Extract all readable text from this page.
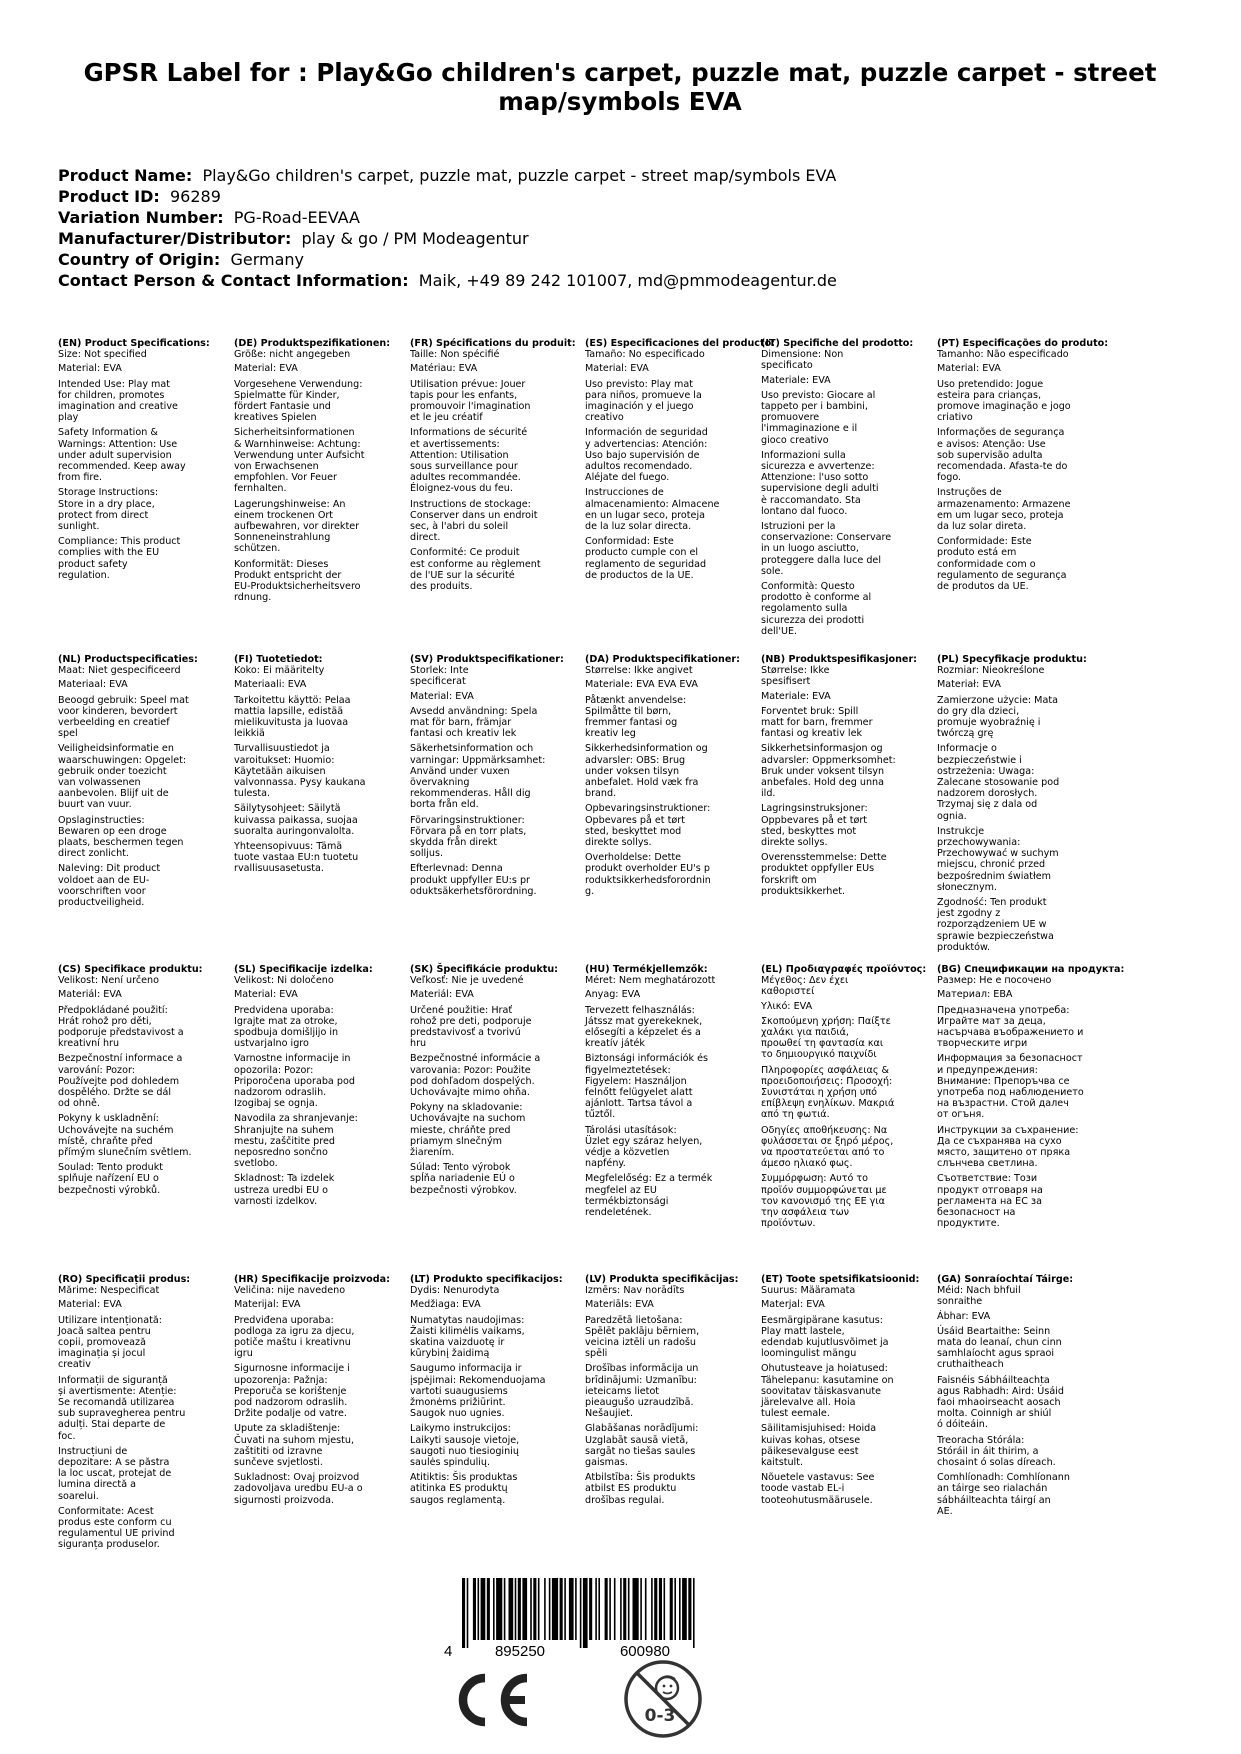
GPSR Label for : Play&Go children's carpet, puzzle mat, puzzle carpet - street map/symbols EVA
Product Name: Play&Go children's carpet, puzzle mat, puzzle carpet - street map/symbols EVA
Product ID: 96289
Variation Number: PG-Road-EEVAA
Manufacturer/Distributor: play & go / PM Modeagentur
Country of Origin: Germany
Contact Person & Contact Information: Maik, +49 89 242 101007, md@pmmodeagentur.de
(EN) Product Specifications:

Size: Not specified

Material: EVA

Intended Use: Play mat
for children, promotes
imagination and creative
play

Safety Information &
Warnings: Attention: Use
under adult supervision
recommended. Keep away
from fire.

Storage Instructions:
Store in a dry place,
protect from direct
sunlight.

Compliance: This product
complies with the EU
product safety
regulation.

(DE) Produktspezifikationen:

Größe: nicht angegeben

Material: EVA

Vorgesehene Verwendung:
Spielmatte für Kinder,
fördert Fantasie und
kreatives Spielen

Sicherheitsinformationen
& Warnhinweise: Achtung:
Verwendung unter Aufsicht
von Erwachsenen
empfohlen. Vor Feuer
fernhalten.

Lagerungshinweise: An
einem trockenen Ort
aufbewahren, vor direkter
Sonneneinstrahlung
schützen.

Konformität: Dieses
Produkt entspricht der
EU-Produktsicherheitsvero
rdnung.

(FR) Spécifications du produit:

Taille: Non spécifié

Matériau: EVA

Utilisation prévue: Jouer
tapis pour les enfants,
promouvoir l'imagination
et le jeu créatif

Informations de sécurité
et avertissements:
Attention: Utilisation
sous surveillance pour
adultes recommandée.
Éloignez-vous du feu.

Instructions de stockage:
Conserver dans un endroit
sec, à l'abri du soleil
direct.

Conformité: Ce produit
est conforme au règlement
de l'UE sur la sécurité
des produits.

(ES) Especificaciones del producto:

Tamaño: No especificado

Material: EVA

Uso previsto: Play mat
para niños, promueve la
imaginación y el juego
creativo

Información de seguridad
y advertencias: Atención:
Uso bajo supervisión de
adultos recomendado.
Aléjate del fuego.

Instrucciones de
almacenamiento: Almacene
en un lugar seco, proteja
de la luz solar directa.

Conformidad: Este
producto cumple con el
reglamento de seguridad
de productos de la UE.

(IT) Specifiche del prodotto:

Dimensione: Non
specificato

Materiale: EVA

Uso previsto: Giocare al
tappeto per i bambini,
promuovere
l'immaginazione e il
gioco creativo

Informazioni sulla
sicurezza e avvertenze:
Attenzione: l'uso sotto
supervisione degli adulti
è raccomandato. Sta
lontano dal fuoco.

Istruzioni per la
conservazione: Conservare
in un luogo asciutto,
proteggere dalla luce del
sole.

Conformità: Questo
prodotto è conforme al
regolamento sulla
sicurezza dei prodotti
dell'UE.

(PT) Especificações do produto:

Tamanho: Não especificado

Material: EVA

Uso pretendido: Jogue
esteira para crianças,
promove imaginação e jogo
criativo

Informações de segurança
e avisos: Atenção: Use
sob supervisão adulta
recomendada. Afasta-te do
fogo.

Instruções de
armazenamento: Armazene
em um lugar seco, proteja
da luz solar direta.

Conformidade: Este
produto está em
conformidade com o
regulamento de segurança
de produtos da UE.

(NL) Productspecificaties:

Maat: Niet gespecificeerd

Materiaal: EVA

Beoogd gebruik: Speel mat
voor kinderen, bevordert
verbeelding en creatief
spel

Veiligheidsinformatie en
waarschuwingen: Opgelet:
gebruik onder toezicht
van volwassenen
aanbevolen. Blijf uit de
buurt van vuur.

Opslaginstructies:
Bewaren op een droge
plaats, beschermen tegen
direct zonlicht.

Naleving: Dit product
voldoet aan de EU-
voorschriften voor
productveiligheid.

(FI) Tuotetiedot:

Koko: Ei määritelty

Materiaali: EVA

Tarkoitettu käyttö: Pelaa
mattia lapsille, edistää
mielikuvitusta ja luovaa
leikkiä

Turvallisuustiedot ja
varoitukset: Huomio:
Käytetään aikuisen
valvonnassa. Pysy kaukana
tulesta.

Säilytysohjeet: Säilytä
kuivassa paikassa, suojaa
suoralta auringonvalolta.

Yhteensopivuus: Tämä
tuote vastaa EU:n tuotetu
rvallisuusasetusta.

(SV) Produktspecifikationer:

Storlek: Inte
specificerat

Material: EVA

Avsedd användning: Spela
mat för barn, främjar
fantasi och kreativ lek

Säkerhetsinformation och
varningar: Uppmärksamhet:
Använd under vuxen
övervakning
rekommenderas. Håll dig
borta från eld.

Förvaringsinstruktioner:
Förvara på en torr plats,
skydda från direkt
solljus.

Efterlevnad: Denna
produkt uppfyller EU:s pr
oduktsäkerhetsförordning.

(DA) Produktspecifikationer:

Størrelse: Ikke angivet

Materiale: EVA EVA EVA

Påtænkt anvendelse:
Spilmåtte til børn,
fremmer fantasi og
kreativ leg

Sikkerhedsinformation og
advarsler: OBS: Brug
under voksen tilsyn
anbefalet. Hold væk fra
brand.

Opbevaringsinstruktioner:
Opbevares på et tørt
sted, beskyttet mod
direkte sollys.

Overholdelse: Dette
produkt overholder EU's p
roduktsikkerhedsforordnin
g.

(NB) Produktspesifikasjoner:

Størrelse: Ikke
spesifisert

Materiale: EVA

Forventet bruk: Spill
matt for barn, fremmer
fantasi og kreativ lek

Sikkerhetsinformasjon og
advarsler: Oppmerksomhet:
Bruk under voksent tilsyn
anbefales. Hold deg unna
ild.

Lagringsinstruksjoner:
Oppbevares på et tørt
sted, beskyttes mot
direkte sollys.

Overensstemmelse: Dette
produktet oppfyller EUs
forskrift om
produktsikkerhet.

(PL) Specyfikacje produktu:

Rozmiar: Nieokreślone

Materiał: EVA

Zamierzone użycie: Mata
do gry dla dzieci,
promuje wyobraźnię i
twórczą grę

Informacje o
bezpieczeństwie i
ostrzeżenia: Uwaga:
Zalecane stosowanie pod
nadzorem dorosłych.
Trzymaj się z dala od
ognia.

Instrukcje
przechowywania:
Przechowywać w suchym
miejscu, chronić przed
bezpośrednim światłem
słonecznym.

Zgodność: Ten produkt
jest zgodny z
rozporządzeniem UE w
sprawie bezpieczeństwa
produktów.

(CS) Specifikace produktu:

Velikost: Není určeno

Materiál: EVA

Předpokládané použití:
Hrát rohož pro děti,
podporuje představivost a
kreativní hru

Bezpečnostní informace a
varování: Pozor:
Používejte pod dohledem
dospělého. Držte se dál
od ohně.

Pokyny k uskladnění:
Uchovávejte na suchém
místě, chraňte před
přímým slunečním světlem.

Soulad: Tento produkt
splňuje nařízení EU o
bezpečnosti výrobků.

(SL) Specifikacije izdelka:

Velikost: Ni določeno

Material: EVA

Predvidena uporaba:
Igrajte mat za otroke,
spodbuja domišljijo in
ustvarjalno igro

Varnostne informacije in
opozorila: Pozor:
Priporočena uporaba pod
nadzorom odraslih.
Izogibaj se ognja.

Navodila za shranjevanje:
Shranjujte na suhem
mestu, zaščitite pred
neposredno sončno
svetlobo.

Skladnost: Ta izdelek
ustreza uredbi EU o
varnosti izdelkov.

(SK) Špecifikácie produktu:

Veľkosť: Nie je uvedené

Materiál: EVA

Určené použitie: Hrať
rohož pre deti, podporuje
predstavivosť a tvorivú
hru

Bezpečnostné informácie a
varovania: Pozor: Použite
pod dohľadom dospelých.
Uchovávajte mimo ohňa.

Pokyny na skladovanie:
Uchovávajte na suchom
mieste, chráňte pred
priamym slnečným
žiarením.

Súlad: Tento výrobok
spĺňa nariadenie EÚ o
bezpečnosti výrobkov.

(HU) Termékjellemzők:

Méret: Nem meghatározott

Anyag: EVA

Tervezett felhasználás:
Játssz mat gyerekeknek,
elősegíti a képzelet és a
kreatív játék

Biztonsági információk és
figyelmeztetések:
Figyelem: Használjon
felnőtt felügyelet alatt
ajánlott. Tartsa távol a
tűztől.

Tárolási utasítások:
Üzlet egy száraz helyen,
védje a közvetlen
napfény.

Megfelelőség: Ez a termék
megfelel az EU
termékbiztonsági
rendeletének.

(EL) Προδιαγραφές προϊόντος:

Μέγεθος: Δεν έχει
καθοριστεί

Υλικό: EVA

Σκοπούμενη χρήση: Παίξτε
χαλάκι για παιδιά,
προωθεί τη φαντασία και
το δημιουργικό παιχνίδι

Πληροφορίες ασφάλειας &
προειδοποιήσεις: Προσοχή:
Συνιστάται η χρήση υπό
επίβλεψη ενηλίκων. Μακριά
από τη φωτιά.

Οδηγίες αποθήκευσης: Να
φυλάσσεται σε ξηρό μέρος,
να προστατεύεται από το
άμεσο ηλιακό φως.

Συμμόρφωση: Αυτό το
προϊόν συμμορφώνεται με
τον κανονισμό της ΕΕ για
την ασφάλεια των
προϊόντων.

(BG) Спецификации на продукта:

Размер: Не е посочено

Материал: ЕВА

Предназначена употреба:
Играйте мат за деца,
насърчава въображението и
творческите игри

Информация за безопасност
и предупреждения:
Внимание: Препоръчва се
употреба под наблюдението
на възрастни. Стой далеч
от огъня.

Инструкции за съхранение:
Да се съхранява на сухо
място, защитено от пряка
слънчева светлина.

Съответствие: Този
продукт отговаря на
регламента на ЕС за
безопасност на
продуктите.

(RO) Specificații produs:

Mărime: Nespecificat

Material: EVA

Utilizare intenționată:
Joacă saltea pentru
copii, promovează
imaginația și jocul
creativ

Informații de siguranță
și avertismente: Atenție:
Se recomandă utilizarea
sub supravegherea pentru
adulți. Stai departe de
foc.

Instrucțiuni de
depozitare: A se păstra
la loc uscat, protejat de
lumina directă a
soarelui.

Conformitate: Acest
produs este conform cu
regulamentul UE privind
siguranța produselor.

(HR) Specifikacije proizvoda:

Veličina: nije navedeno

Materijal: EVA

Predviđena uporaba:
podloga za igru za djecu,
potiče maštu i kreativnu
igru

Sigurnosne informacije i
upozorenja: Pažnja:
Preporuča se korištenje
pod nadzorom odraslih.
Držite podalje od vatre.

Upute za skladištenje:
Čuvati na suhom mjestu,
zaštititi od izravne
sunčeve svjetlosti.

Sukladnost: Ovaj proizvod
zadovoljava uredbu EU-a o
sigurnosti proizvoda.

(LT) Produkto specifikacijos:

Dydis: Nenurodyta

Medžiaga: EVA

Numatytas naudojimas:
Žaisti kilimėlis vaikams,
skatina vaizduotę ir
kūrybinį žaidimą

Saugumo informacija ir
įspėjimai: Rekomenduojama
vartoti suaugusiems
žmonėms prižiūrint.
Saugok nuo ugnies.

Laikymo instrukcijos:
Laikyti sausoje vietoje,
saugoti nuo tiesioginių
saulės spindulių.

Atitiktis: Šis produktas
atitinka ES produktų
saugos reglamentą.

(LV) Produkta specifikācijas:

Izmērs: Nav norādīts

Materiāls: EVA

Paredzētā lietošana:
Spēlēt paklāju bērniem,
veicina iztēli un radošu
spēli

Drošības informācija un
brīdinājumi: Uzmanību:
ieteicams lietot
pieaugušo uzraudzībā.
Nešaujiet.

Glabāšanas norādījumi:
Uzglabāt sausā vietā,
sargāt no tiešas saules
gaismas.

Atbilstība: Šis produkts
atbilst ES produktu
drošības regulai.

(ET) Toote spetsifikatsioonid:

Suurus: Määramata

Materjal: EVA

Eesmärgipärane kasutus:
Play matt lastele,
edendab kujutlusvõimet ja
loomingulist mängu

Ohutusteave ja hoiatused:
Tähelepanu: kasutamine on
soovitatav täiskasvanute
järelevalve all. Hoia
tulest eemale.

Säilitamisjuhised: Hoida
kuivas kohas, otsese
päikesevalguse eest
kaitstult.

Nõuetele vastavus: See
toode vastab EL-i
tooteohutusmäärusele.

(GA) Sonraíochtaí Táirge:

Méid: Nach bhfuil
sonraithe

Ábhar: EVA

Úsáid Beartaithe: Seinn
mata do leanaí, chun cinn
samhlaíocht agus spraoi
cruthaitheach

Faisnéis Sábháilteachta
agus Rabhadh: Aird: Úsáid
faoi mhaoirseacht aosach
molta. Coinnigh ar shiúl
ó dóiteáin.

Treoracha Stórála:
Stóráil in áit thirim, a
chosaint ó solas díreach.

Comhlíonadh: Comhlíonann
an táirge seo rialachán
sábháilteachta táirgí an
AE.

4	895250	600980
0-3
